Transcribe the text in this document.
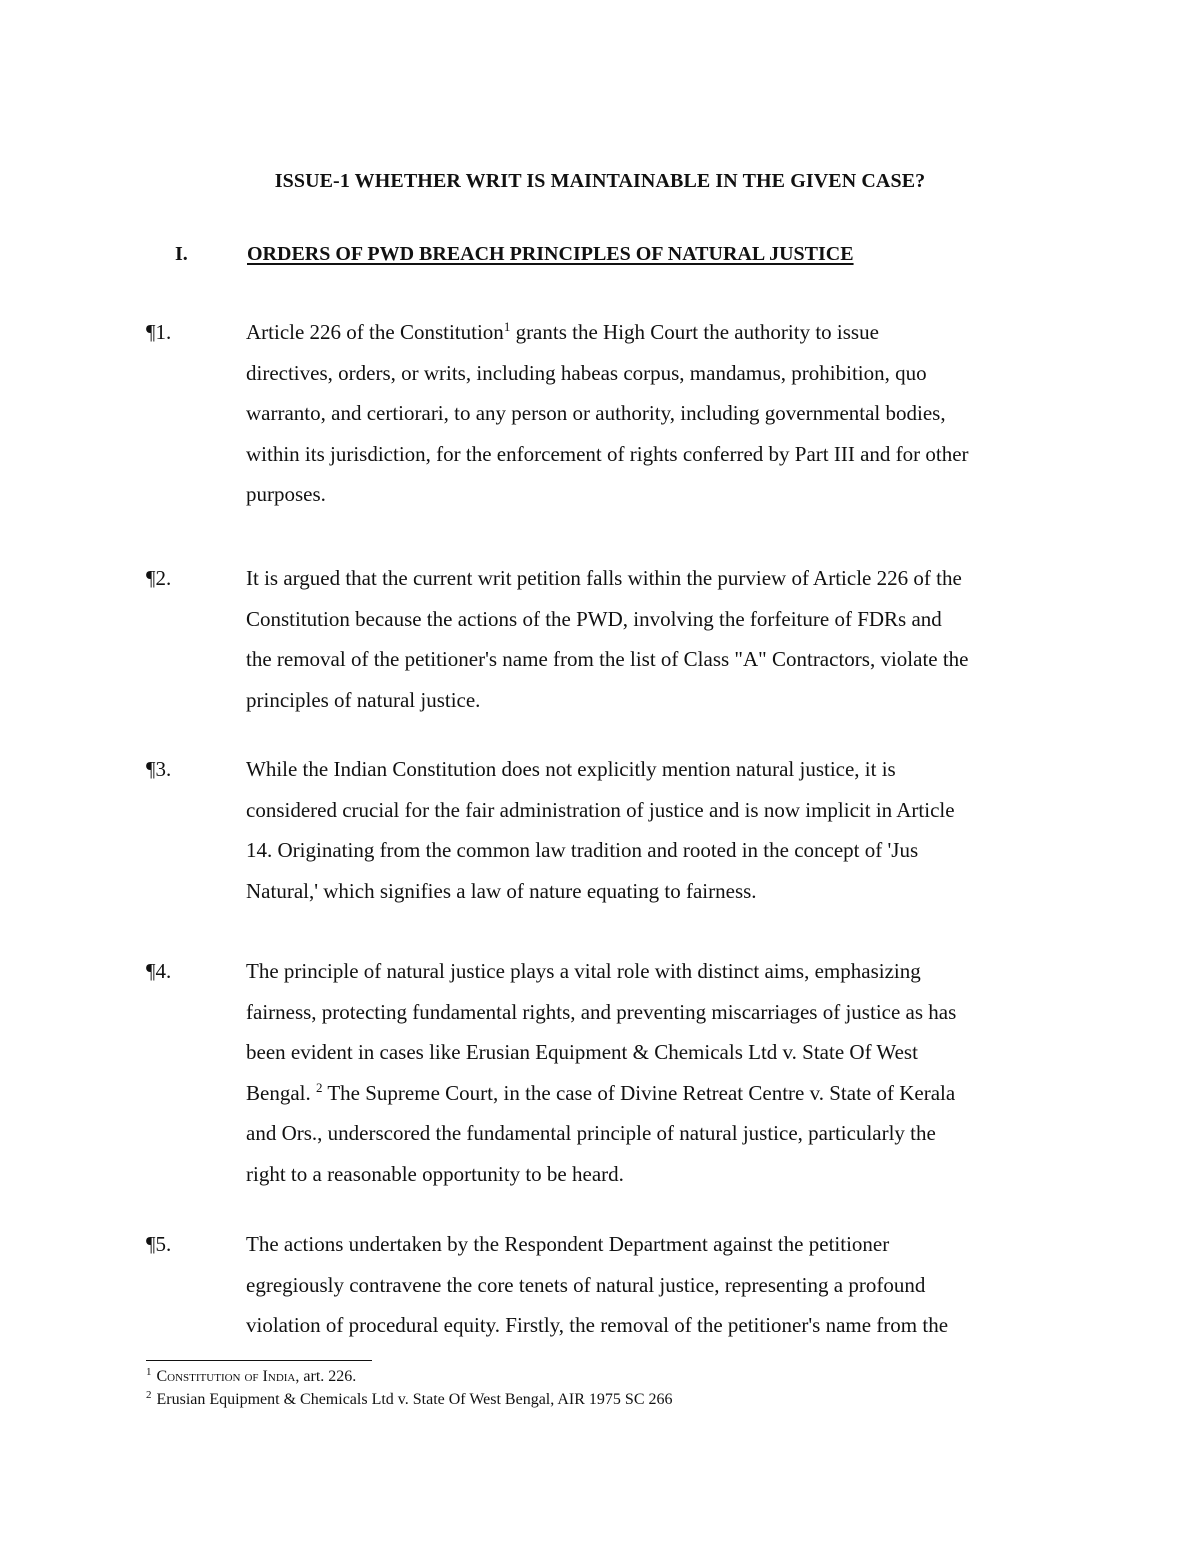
ISSUE-1 WHETHER WRIT IS MAINTAINABLE IN THE GIVEN CASE?
I.	ORDERS OF PWD BREACH PRINCIPLES OF NATURAL JUSTICE
¶1.	Article 226 of the Constitution$^1$ grants the High Court the authority to issue
directives, orders, or writs, including habeas corpus, mandamus, prohibition, quo
warranto, and certiorari, to any person or authority, including governmental bodies,
within its jurisdiction, for the enforcement of rights conferred by Part III and for other
purposes.
¶2.	It is argued that the current writ petition falls within the purview of Article 226 of the
Constitution because the actions of the PWD, involving the forfeiture of FDRs and
the removal of the petitioner's name from the list of Class "A" Contractors, violate the
principles of natural justice.
¶3.	While the Indian Constitution does not explicitly mention natural justice, it is
considered crucial for the fair administration of justice and is now implicit in Article
14. Originating from the common law tradition and rooted in the concept of 'Jus
Natural,' which signifies a law of nature equating to fairness.
¶4.	The principle of natural justice plays a vital role with distinct aims, emphasizing
fairness, protecting fundamental rights, and preventing miscarriages of justice as has
been evident in cases like Erusian Equipment & Chemicals Ltd v. State Of West
Bengal. $^2$ The Supreme Court, in the case of Divine Retreat Centre v. State of Kerala
and Ors., underscored the fundamental principle of natural justice, particularly the
right to a reasonable opportunity to be heard.
¶5.	The actions undertaken by the Respondent Department against the petitioner
egregiously contravene the core tenets of natural justice, representing a profound
violation of procedural equity. Firstly, the removal of the petitioner's name from the
$^1$ Constitution of India, art. 226.
$^2$ Erusian Equipment & Chemicals Ltd v. State Of West Bengal, AIR 1975 SC 266
